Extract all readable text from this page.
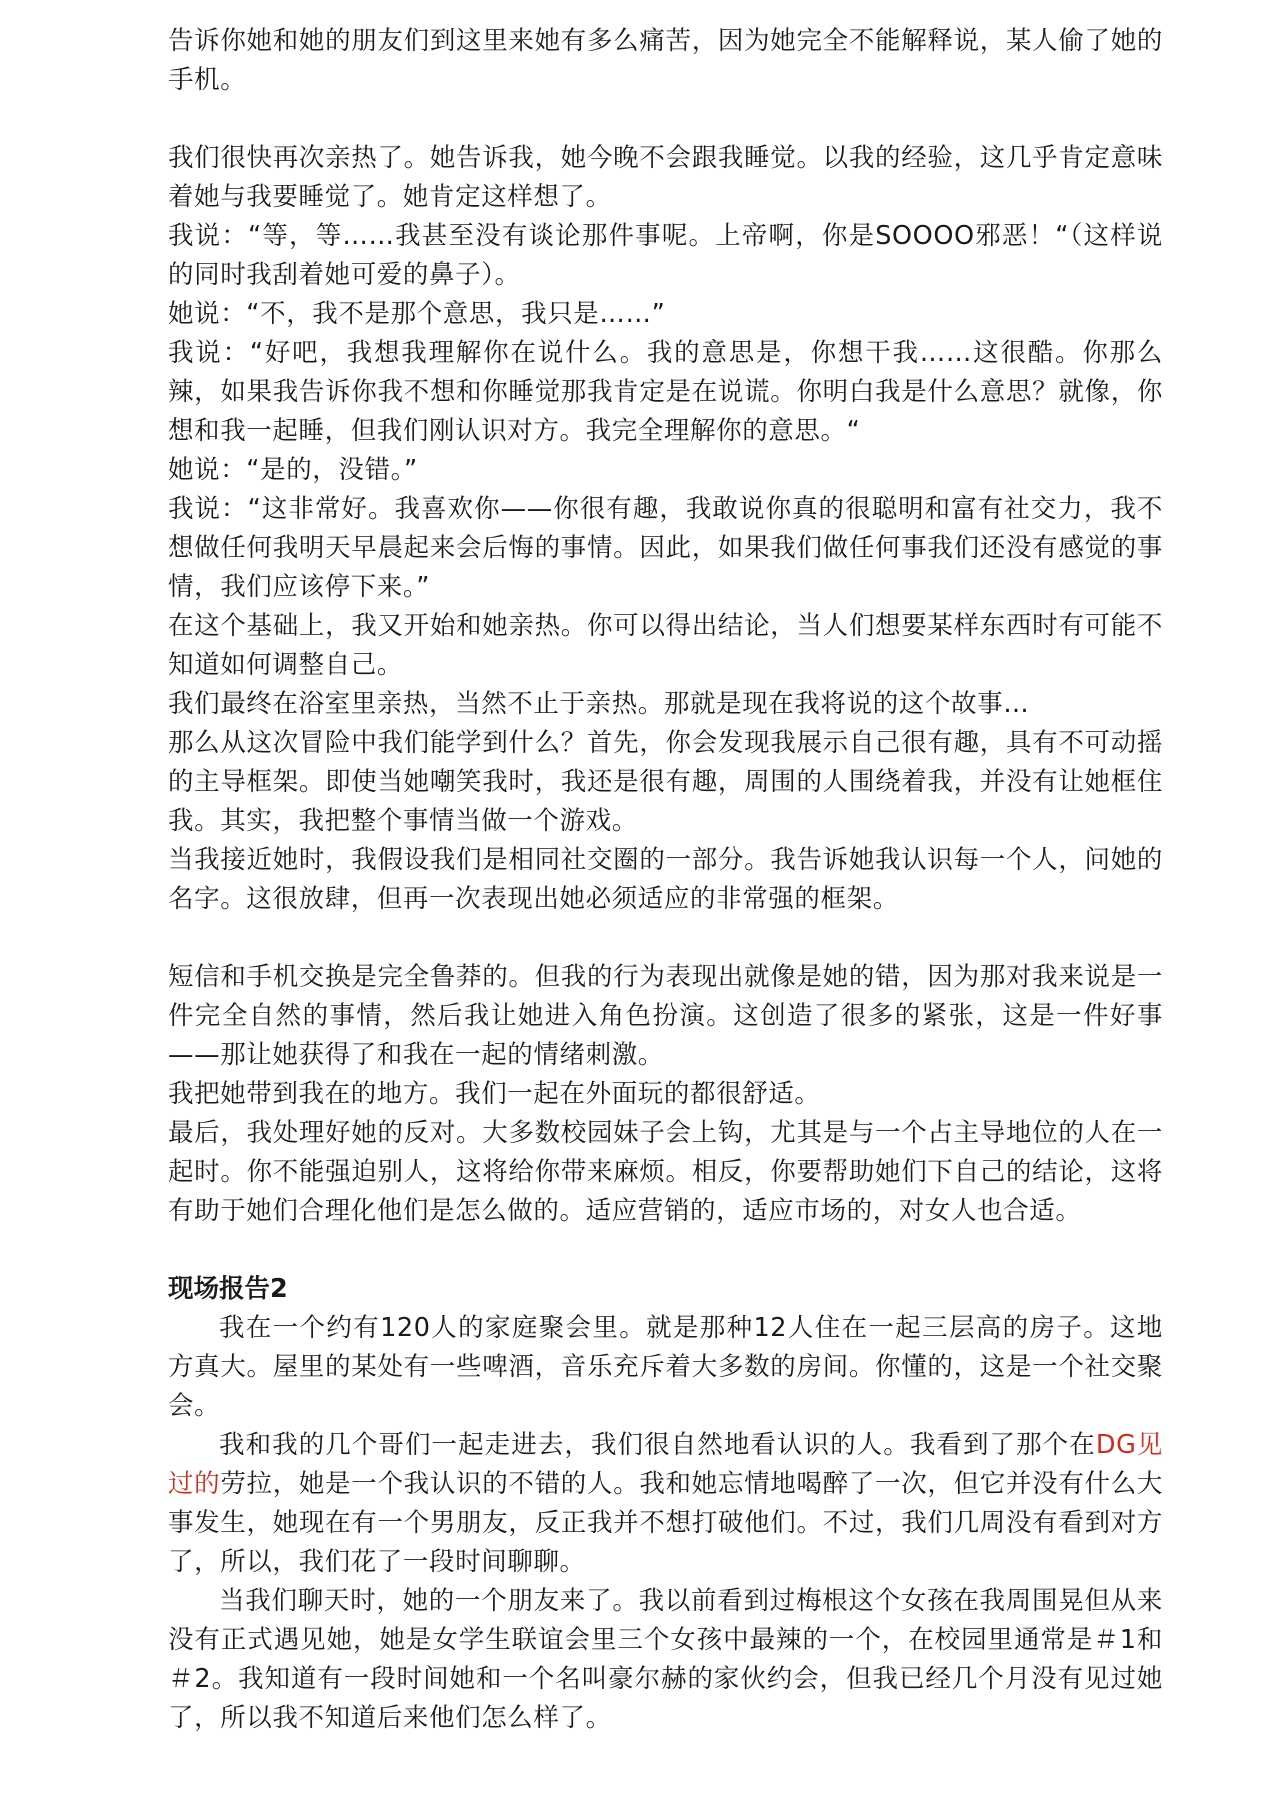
告诉你她和她的朋友们到这里来她有多么痛苦，因为她完全不能解释说，某人偷了她的手机。

我们很快再次亲热了。她告诉我，她今晚不会跟我睡觉。以我的经验，这几乎肯定意味着她与我要睡觉了。她肯定这样想了。

我说：“等，等……我甚至没有谈论那件事呢。上帝啊，你是SOOOO邪恶！“（这样说的同时我刮着她可爱的鼻子）。

她说：“不，我不是那个意思，我只是……”

我说：“好吧，我想我理解你在说什么。我的意思是，你想干我……这很酷。你那么辣，如果我告诉你我不想和你睡觉那我肯定是在说谎。你明白我是什么意思？就像，你想和我一起睡，但我们刚认识对方。我完全理解你的意思。“

她说：“是的，没错。”

我说：“这非常好。我喜欢你——你很有趣，我敢说你真的很聪明和富有社交力，我不想做任何我明天早晨起来会后悔的事情。因此，如果我们做任何事我们还没有感觉的事情，我们应该停下来。”

在这个基础上，我又开始和她亲热。你可以得出结论，当人们想要某样东西时有可能不知道如何调整自己。

我们最终在浴室里亲热，当然不止于亲热。那就是现在我将说的这个故事…

那么从这次冒险中我们能学到什么？首先，你会发现我展示自己很有趣，具有不可动摇的主导框架。即使当她嘲笑我时，我还是很有趣，周围的人围绕着我，并没有让她框住我。其实，我把整个事情当做一个游戏。

当我接近她时，我假设我们是相同社交圈的一部分。我告诉她我认识每一个人，问她的名字。这很放肆，但再一次表现出她必须适应的非常强的框架。

短信和手机交换是完全鲁莽的。但我的行为表现出就像是她的错，因为那对我来说是一件完全自然的事情，然后我让她进入角色扮演。这创造了很多的紧张，这是一件好事——那让她获得了和我在一起的情绪刺激。

我把她带到我在的地方。我们一起在外面玩的都很舒适。

最后，我处理好她的反对。大多数校园妹子会上钩，尤其是与一个占主导地位的人在一起时。你不能强迫别人，这将给你带来麻烦。相反，你要帮助她们下自己的结论，这将有助于她们合理化他们是怎么做的。适应营销的，适应市场的，对女人也合适。

现场报告2

我在一个约有120人的家庭聚会里。就是那种12人住在一起三层高的房子。这地方真大。屋里的某处有一些啤酒，音乐充斥着大多数的房间。你懂的，这是一个社交聚会。

我和我的几个哥们一起走进去，我们很自然地看认识的人。我看到了那个在DG见过的劳拉，她是一个我认识的不错的人。我和她忘情地喝醉了一次，但它并没有什么大事发生，她现在有一个男朋友，反正我并不想打破他们。不过，我们几周没有看到对方了，所以，我们花了一段时间聊聊。

当我们聊天时，她的一个朋友来了。我以前看到过梅根这个女孩在我周围晃但从来没有正式遇见她，她是女学生联谊会里三个女孩中最辣的一个，在校园里通常是＃1和＃2。我知道有一段时间她和一个名叫豪尔赫的家伙约会，但我已经几个月没有见过她了，所以我不知道后来他们怎么样了。
